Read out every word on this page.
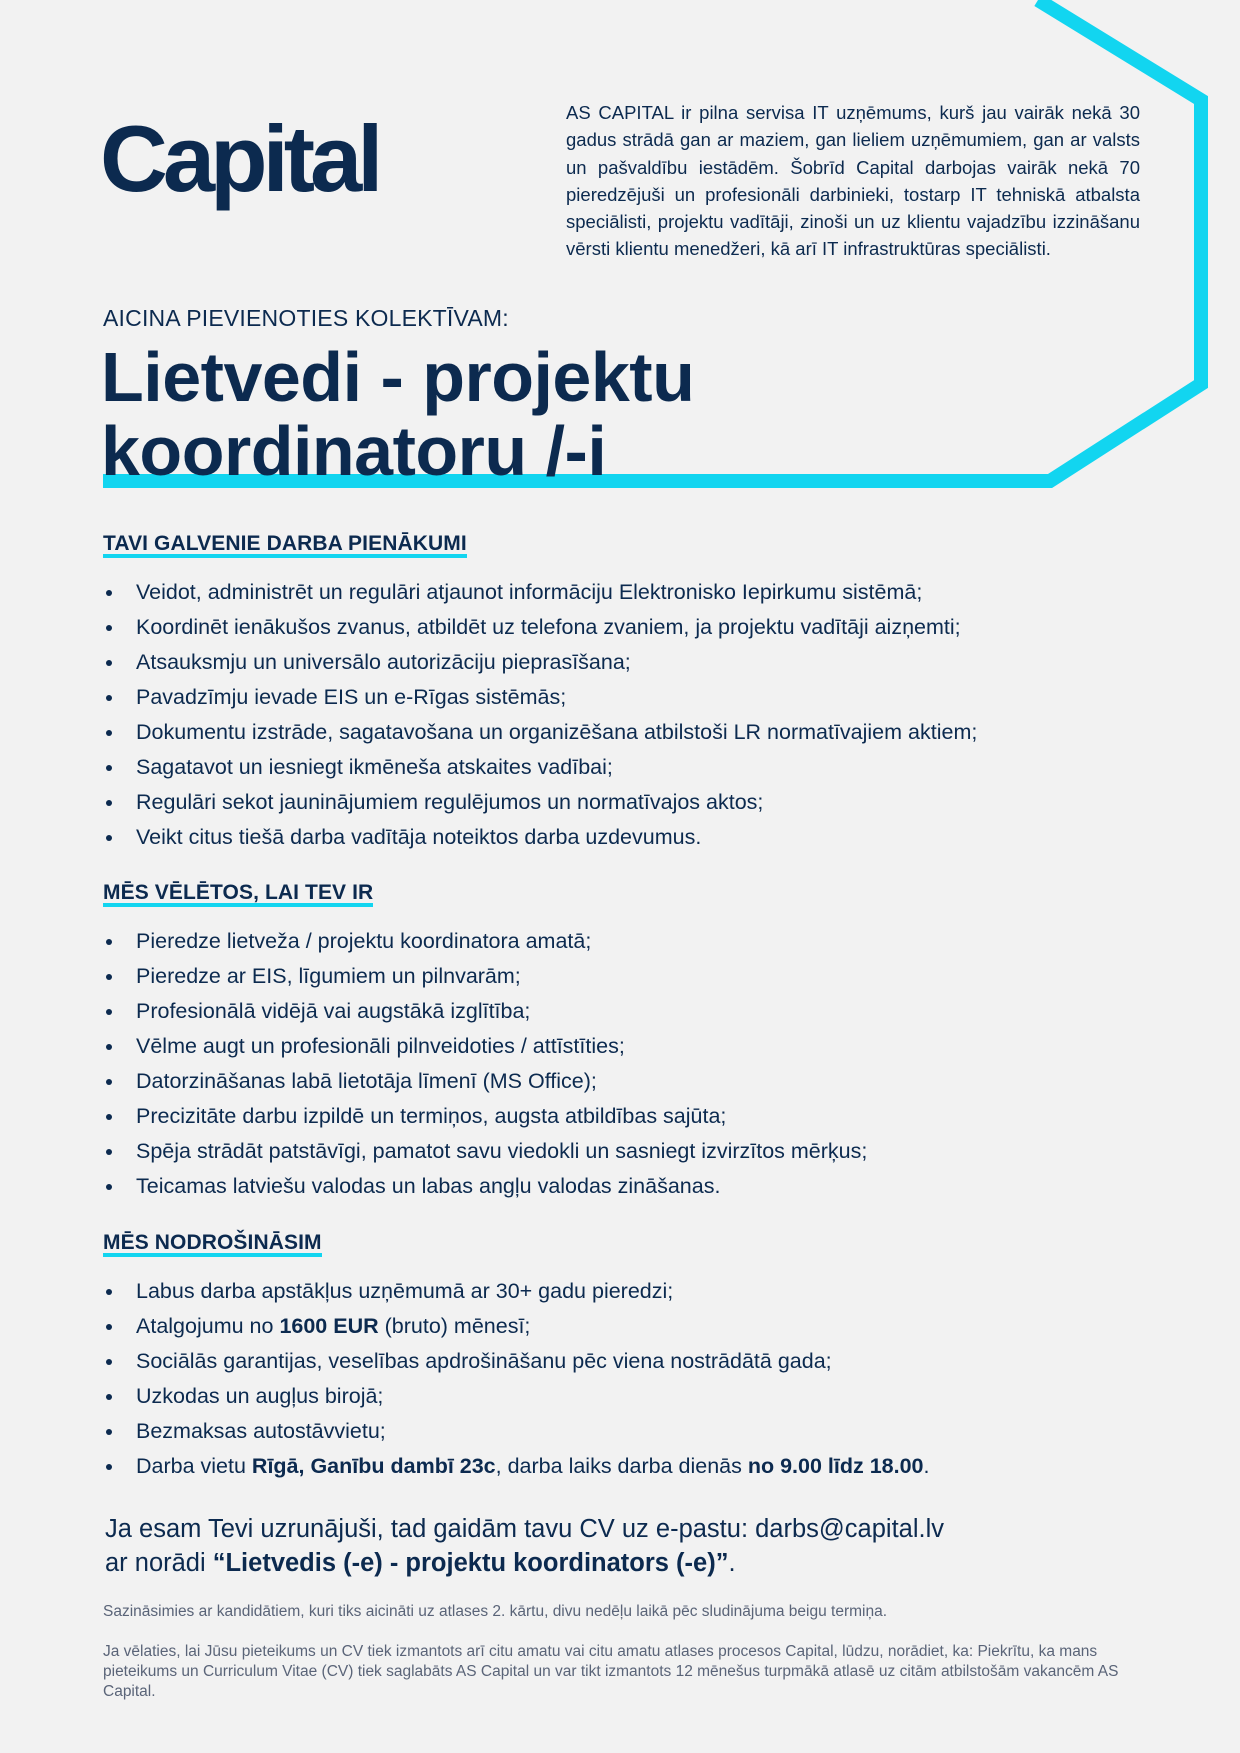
Capital	AS CAPITAL ir pilna servisa IT uzņēmums, kurš jau vairāk nekā 30 gadus strādā gan ar maziem, gan lieliem uzņēmumiem, gan ar valsts un pašvaldību iestādēm. Šobrīd Capital darbojas vairāk nekā 70 pieredzējuši un profesionāli darbinieki, tostarp IT tehniskā atbalsta speciālisti, projektu vadītāji, zinoši un uz klientu vajadzību izzināšanu vērsti klientu menedžeri, kā arī IT infrastruktūras speciālisti.
AICINA PIEVIENOTIES KOLEKTĪVAM:
Lietvedi - projektu
koordinatoru /-i
TAVI GALVENIE DARBA PIENĀKUMI
Veidot, administrēt un regulāri atjaunot informāciju Elektronisko Iepirkumu sistēmā;
Koordinēt ienākušos zvanus, atbildēt uz telefona zvaniem, ja projektu vadītāji aizņemti;
Atsauksmju un universālo autorizāciju pieprasīšana;
Pavadzīmju ievade EIS un e-Rīgas sistēmās;
Dokumentu izstrāde, sagatavošana un organizēšana atbilstoši LR normatīvajiem aktiem;
Sagatavot un iesniegt ikmēneša atskaites vadībai;
Regulāri sekot jauninājumiem regulējumos un normatīvajos aktos;
Veikt citus tiešā darba vadītāja noteiktos darba uzdevumus.
MĒS VĒLĒTOS, LAI TEV IR
Pieredze lietveža / projektu koordinatora amatā;
Pieredze ar EIS, līgumiem un pilnvarām;
Profesionālā vidējā vai augstākā izglītība;
Vēlme augt un profesionāli pilnveidoties / attīstīties;
Datorzināšanas labā lietotāja līmenī (MS Office);
Precizitāte darbu izpildē un termiņos, augsta atbildības sajūta;
Spēja strādāt patstāvīgi, pamatot savu viedokli un sasniegt izvirzītos mērķus;
Teicamas latviešu valodas un labas angļu valodas zināšanas.
MĒS NODROŠINĀSIM
Labus darba apstākļus uzņēmumā ar 30+ gadu pieredzi;
Atalgojumu no 1600 EUR (bruto) mēnesī;
Sociālās garantijas, veselības apdrošināšanu pēc viena nostrādātā gada;
Uzkodas un augļus birojā;
Bezmaksas autostāvvietu;
Darba vietu Rīgā, Ganību dambī 23c, darba laiks darba dienās no 9.00 līdz 18.00.
Ja esam Tevi uzrunājuši, tad gaidām tavu CV uz e-pastu: darbs@capital.lv
ar norādi “Lietvedis (-e) - projektu koordinators (-e)”.
Sazināsimies ar kandidātiem, kuri tiks aicināti uz atlases 2. kārtu, divu nedēļu laikā pēc sludinājuma beigu termiņa.
Ja vēlaties, lai Jūsu pieteikums un CV tiek izmantots arī citu amatu vai citu amatu atlases procesos Capital, lūdzu, norādiet, ka: Piekrītu, ka mans pieteikums un Curriculum Vitae (CV) tiek saglabāts AS Capital un var tikt izmantots 12 mēnešus turpmākā atlasē uz citām atbilstošām vakancēm AS Capital.
